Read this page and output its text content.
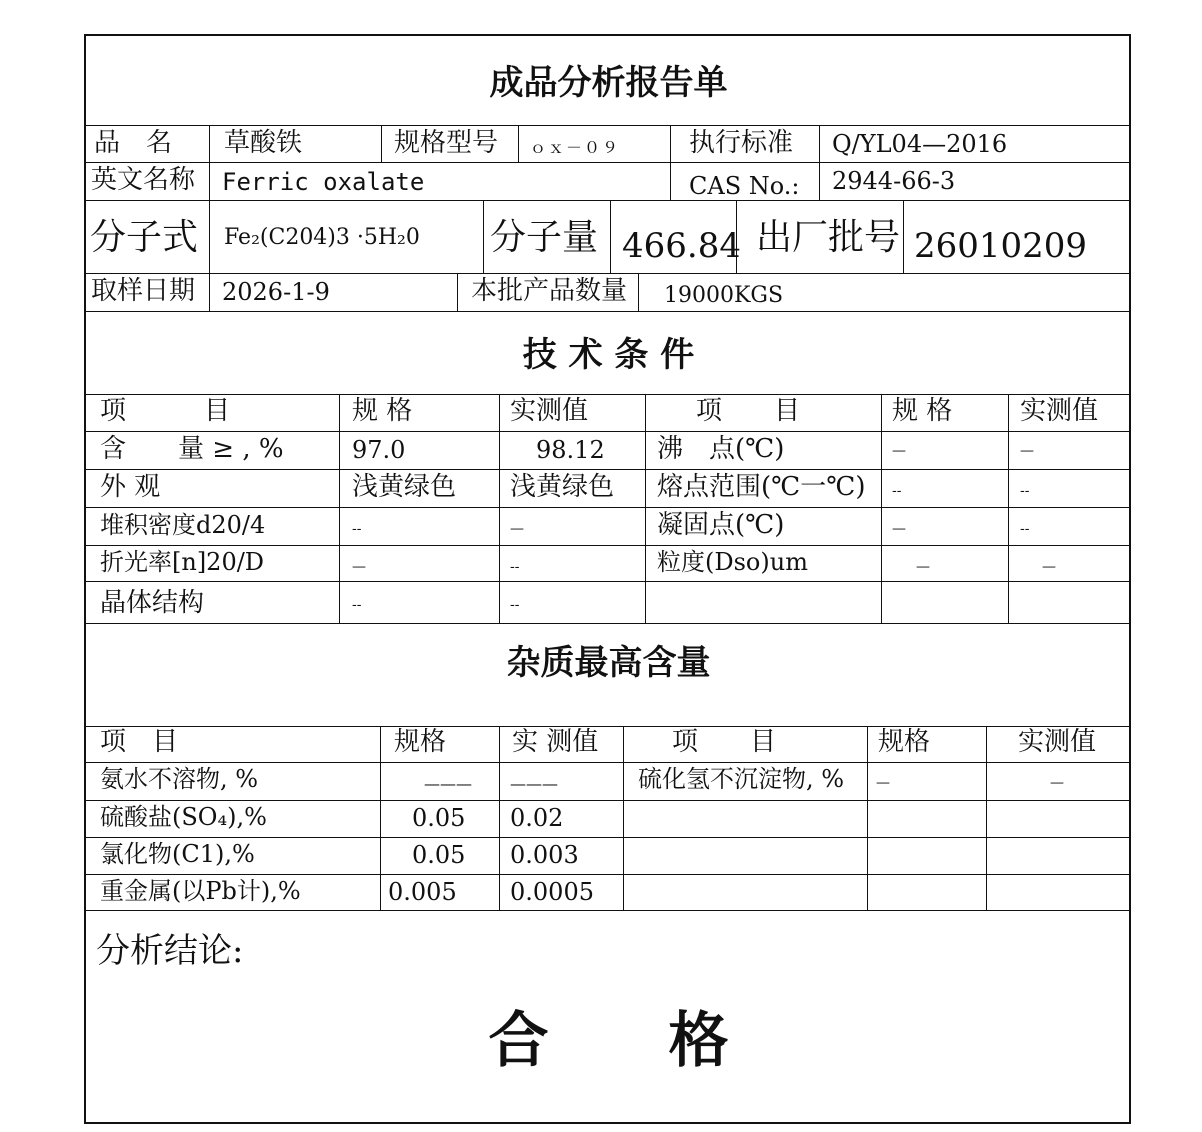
成品分析报告单
品　名 草酸铁	规格型号 ｏｘ－０９	执行标准 Q/YL04—2016
英文名称 Ferric oxalate	CAS No.: 2944-66-3
分子式 Fe₂(C204)3 ·5H₂0 分子量 466.84 出厂批号 26010209
取样日期 2026-1-9	本批产品数量 19000KGS
技 术 条 件
项　　　目	规 格	实测值	项　　目	规 格	实测值
含　　量 ≥ , %	97.0	98.12 沸　点(℃)	—	—
外 观	浅黄绿色 浅黄绿色 熔点范围(℃一℃) --	--
堆积密度d20/4	--	—	凝固点(℃)	—	--
折光率[n]20/D	—	--	粒度(Dso)um	—	—
晶体结构	--	--
杂质最高含量
项　目	规格	实 测值	项　　目	规格	实测值
氨水不溶物, %	——— ———	硫化氢不沉淀物, % —	—
硫酸盐(SO₄),%	0.05 0.02
氯化物(C1),%	0.05 0.003
重金属(以Pb计),%	0.005 0.0005
分析结论:
合　　格
